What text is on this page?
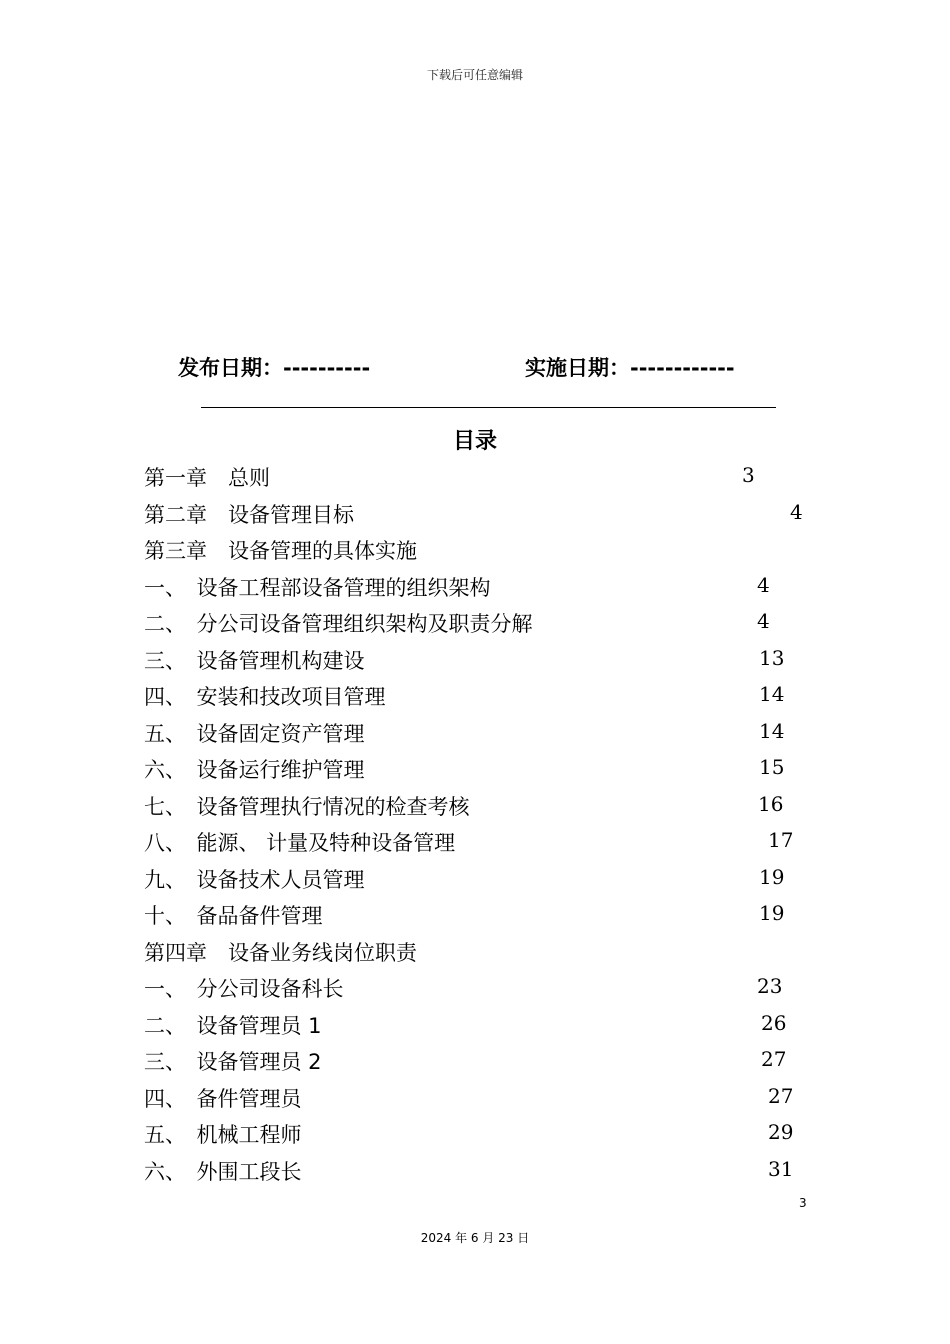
下载后可任意编辑
发布日期：----------	实施日期：------------
目录
第一章　总则	3
第二章　设备管理目标	4
第三章　设备管理的具体实施
一、　设备工程部设备管理的组织架构	4
二、　分公司设备管理组织架构及职责分解	4
三、　设备管理机构建设	13
四、　安装和技改项目管理	14
五、　设备固定资产管理	14
六、　设备运行维护管理	15
七、　设备管理执行情况的检查考核	16
八、　能源、 计量及特种设备管理	17
九、　设备技术人员管理	19
十、　备品备件管理	19
第四章　设备业务线岗位职责
一、　分公司设备科长	23
二、　设备管理员 1	26
三、　设备管理员 2	27
四、　备件管理员	27
五、　机械工程师	29
六、　外围工段长	31
3
2024 年 6 月 23 日
